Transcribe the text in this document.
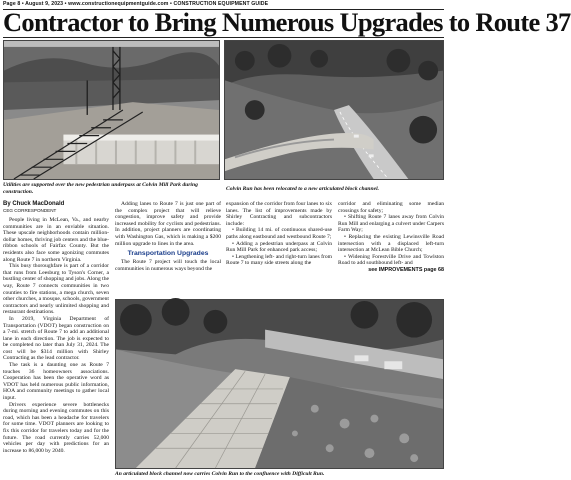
Page 8 • August 9, 2023 • www.constructionequipmentguide.com • CONSTRUCTION EQUIPMENT GUIDE
Contractor to Bring Numerous Upgrades to Route 37
Utilities are supported over the new pedestrian underpass at Colvin Mill Park during construction.	Colvin Run has been relocated to a new articulated block channel.
By Chuck MacDonald
CEG CORRESPONDENT

People living in McLean, Va., and nearby communities are in an enviable situation. These upscale neighborhoods contain million-dollar homes, thriving job centers and the blue-ribbon schools of Fairfax County. But the residents also face some agonizing commutes along Route 7 in northern Virginia.

This busy thoroughfare is part of a corridor that runs from Leesburg to Tyson's Corner, a bustling center of shopping and jobs. Along the way, Route 7 connects communities in two counties to fire stations, a mega church, seven other churches, a mosque, schools, government contractors and nearly unlimited shopping and restaurant destinations.

In 2019, Virginia Department of Transportation (VDOT) began construction on a 7-mi. stretch of Route 7 to add an additional lane in each direction. The job is expected to be completed no later than July 31, 2024. The cost will be $314 million with Shirley Contracting as the lead contractor.

The task is a daunting one as Route 7 touches 36 homeowners associations. Cooperation has been the operative word as VDOT has held numerous public information, HOA and community meetings to gather local input.

Drivers experience severe bottlenecks during morning and evening commutes on this road, which has been a headache for travelers for some time. VDOT planners are looking to fix this corridor for travelers today and for the future. The road currently carries 52,000 vehicles per day with predictions for an increase to 86,000 by 2040.

Adding lanes to Route 7 is just one part of the complex project that will relieve congestion, improve safety and provide increased mobility for cyclists and pedestrians. In addition, project planners are coordinating with Washington Gas, which is making a $200 million upgrade to lines in the area.

Transportation Upgrades

The Route 7 project will touch the local communities in numerous ways beyond the

expansion of the corridor from four lanes to six lanes. The list of improvements made by Shirley Contracting and subcontractors include:

• Building 14 mi. of continuous shared-use paths along eastbound and westbound Route 7;

• Adding a pedestrian underpass at Colvin Run Mill Park for enhanced park access;

• Lengthening left- and right-turn lanes from Route 7 to many side streets along the

corridor and eliminating some median crossings for safety;

• Shifting Route 7 lanes away from Colvin Run Mill and enlarging a culvert under Carpers Farm Way;

• Replacing the existing Lewinsville Road intersection with a displaced left-turn intersection at McLean Bible Church;

• Widening Forestville Drive and Towlston Road to add southbound left- and

see IMPROVEMENTS page 68
An articulated block channel now carries Colvin Run to the confluence with Difficult Run.
